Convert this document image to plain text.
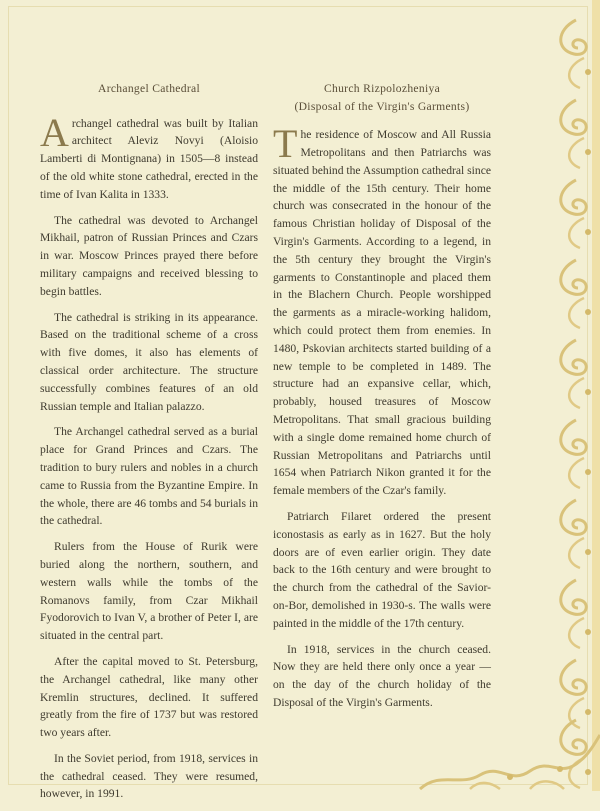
Archangel Cathedral

Archangel cathedral was built by Italian architect Aleviz Novyi (Aloisio Lamberti di Montignana) in 1505—8 instead of the old white stone cathedral, erected in the time of Ivan Kalita in 1333.

The cathedral was devoted to Archangel Mikhail, patron of Russian Princes and Czars in war. Moscow Princes prayed there before military campaigns and received blessing to begin battles.

The cathedral is striking in its appearance. Based on the traditional scheme of a cross with five domes, it also has elements of classical order architecture. The structure successfully combines features of an old Russian temple and Italian palazzo.

The Archangel cathedral served as a burial place for Grand Princes and Czars. The tradition to bury rulers and nobles in a church came to Russia from the Byzantine Empire. In the whole, there are 46 tombs and 54 burials in the cathedral.

Rulers from the House of Rurik were buried along the northern, southern, and western walls while the tombs of the Romanovs family, from Czar Mikhail Fyodorovich to Ivan V, a brother of Peter I, are situated in the central part.

After the capital moved to St. Petersburg, the Archangel cathedral, like many other Kremlin structures, declined. It suffered greatly from the fire of 1737 but was restored two years after.

In the Soviet period, from 1918, services in the cathedral ceased. They were resumed, however, in 1991.

Church Rizpolozheniya
(Disposal of the Virgin's Garments)

The residence of Moscow and All Russia Metropolitans and then Patriarchs was situated behind the Assumption cathedral since the middle of the 15th century. Their home church was consecrated in the honour of the famous Christian holiday of Disposal of the Virgin's Garments. According to a legend, in the 5th century they brought the Virgin's garments to Constantinople and placed them in the Blachern Church. People worshipped the garments as a miracle-working halidom, which could protect them from enemies. In 1480, Pskovian architects started building of a new temple to be completed in 1489. The structure had an expansive cellar, which, probably, housed treasures of Moscow Metropolitans. That small gracious building with a single dome remained home church of Russian Metropolitans and Patriarchs until 1654 when Patriarch Nikon granted it for the female members of the Czar's family.

Patriarch Filaret ordered the present iconostasis as early as in 1627. But the holy doors are of even earlier origin. They date back to the 16th century and were brought to the church from the cathedral of the Savior-on-Bor, demolished in 1930-s. The walls were painted in the middle of the 17th century.

In 1918, services in the church ceased. Now they are held there only once a year — on the day of the church holiday of the Disposal of the Virgin's Garments.
